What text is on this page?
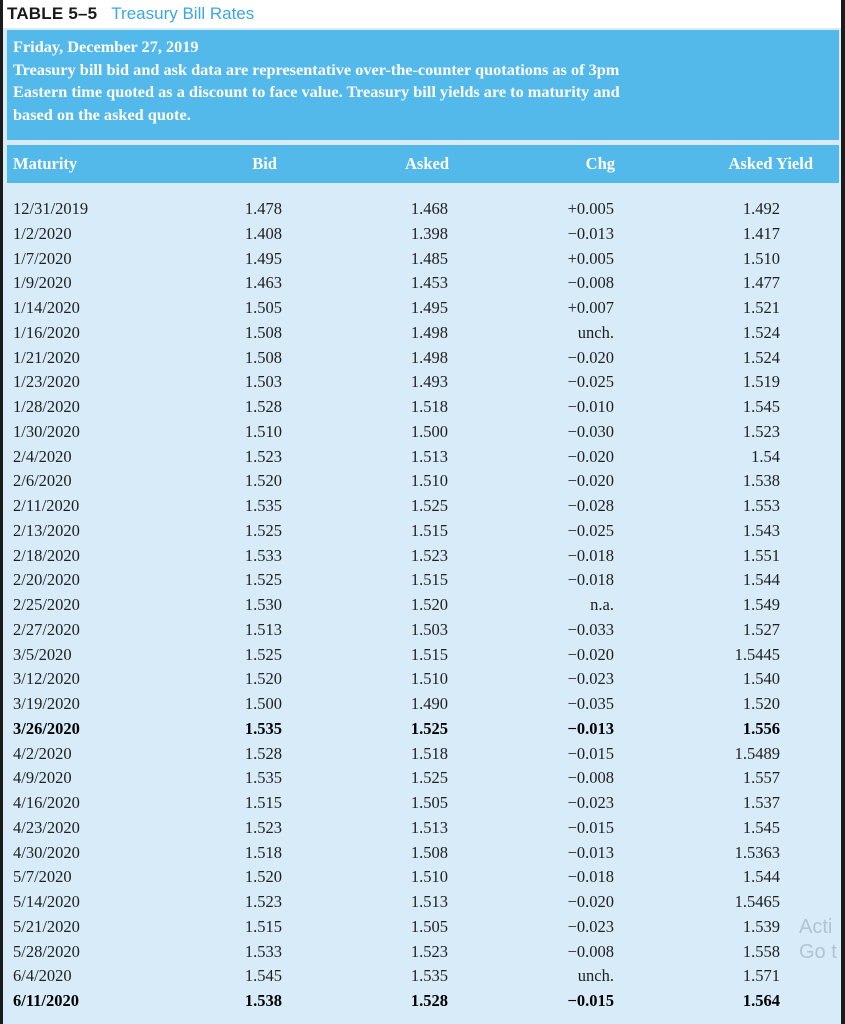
TABLE 5–5 Treasury Bill Rates
Friday, December 27, 2019
Treasury bill bid and ask data are representative over-the-counter quotations as of 3pm
Eastern time quoted as a discount to face value. Treasury bill yields are to maturity and
based on the asked quote.
Maturity	Bid	Asked	Chg	Asked Yield
12/31/2019	1.478	1.468	+0.005	1.492
1/2/2020	1.408	1.398	−0.013	1.417
1/7/2020	1.495	1.485	+0.005	1.510
1/9/2020	1.463	1.453	−0.008	1.477
1/14/2020	1.505	1.495	+0.007	1.521
1/16/2020	1.508	1.498	unch.	1.524
1/21/2020	1.508	1.498	−0.020	1.524
1/23/2020	1.503	1.493	−0.025	1.519
1/28/2020	1.528	1.518	−0.010	1.545
1/30/2020	1.510	1.500	−0.030	1.523
2/4/2020	1.523	1.513	−0.020	1.54
2/6/2020	1.520	1.510	−0.020	1.538
2/11/2020	1.535	1.525	−0.028	1.553
2/13/2020	1.525	1.515	−0.025	1.543
2/18/2020	1.533	1.523	−0.018	1.551
2/20/2020	1.525	1.515	−0.018	1.544
2/25/2020	1.530	1.520	n.a.	1.549
2/27/2020	1.513	1.503	−0.033	1.527
3/5/2020	1.525	1.515	−0.020	1.5445
3/12/2020	1.520	1.510	−0.023	1.540
3/19/2020	1.500	1.490	−0.035	1.520
3/26/2020	1.535	1.525	−0.013	1.556
4/2/2020	1.528	1.518	−0.015	1.5489
4/9/2020	1.535	1.525	−0.008	1.557
4/16/2020	1.515	1.505	−0.023	1.537
4/23/2020	1.523	1.513	−0.015	1.545
4/30/2020	1.518	1.508	−0.013	1.5363
5/7/2020	1.520	1.510	−0.018	1.544
5/14/2020	1.523	1.513	−0.020	1.5465
5/21/2020	1.515	1.505	−0.023	1.539 Acti
5/28/2020	1.533	1.523	−0.008	1.558 Go t
6/4/2020	1.545	1.535	unch.	1.571
6/11/2020	1.538	1.528	−0.015	1.564
